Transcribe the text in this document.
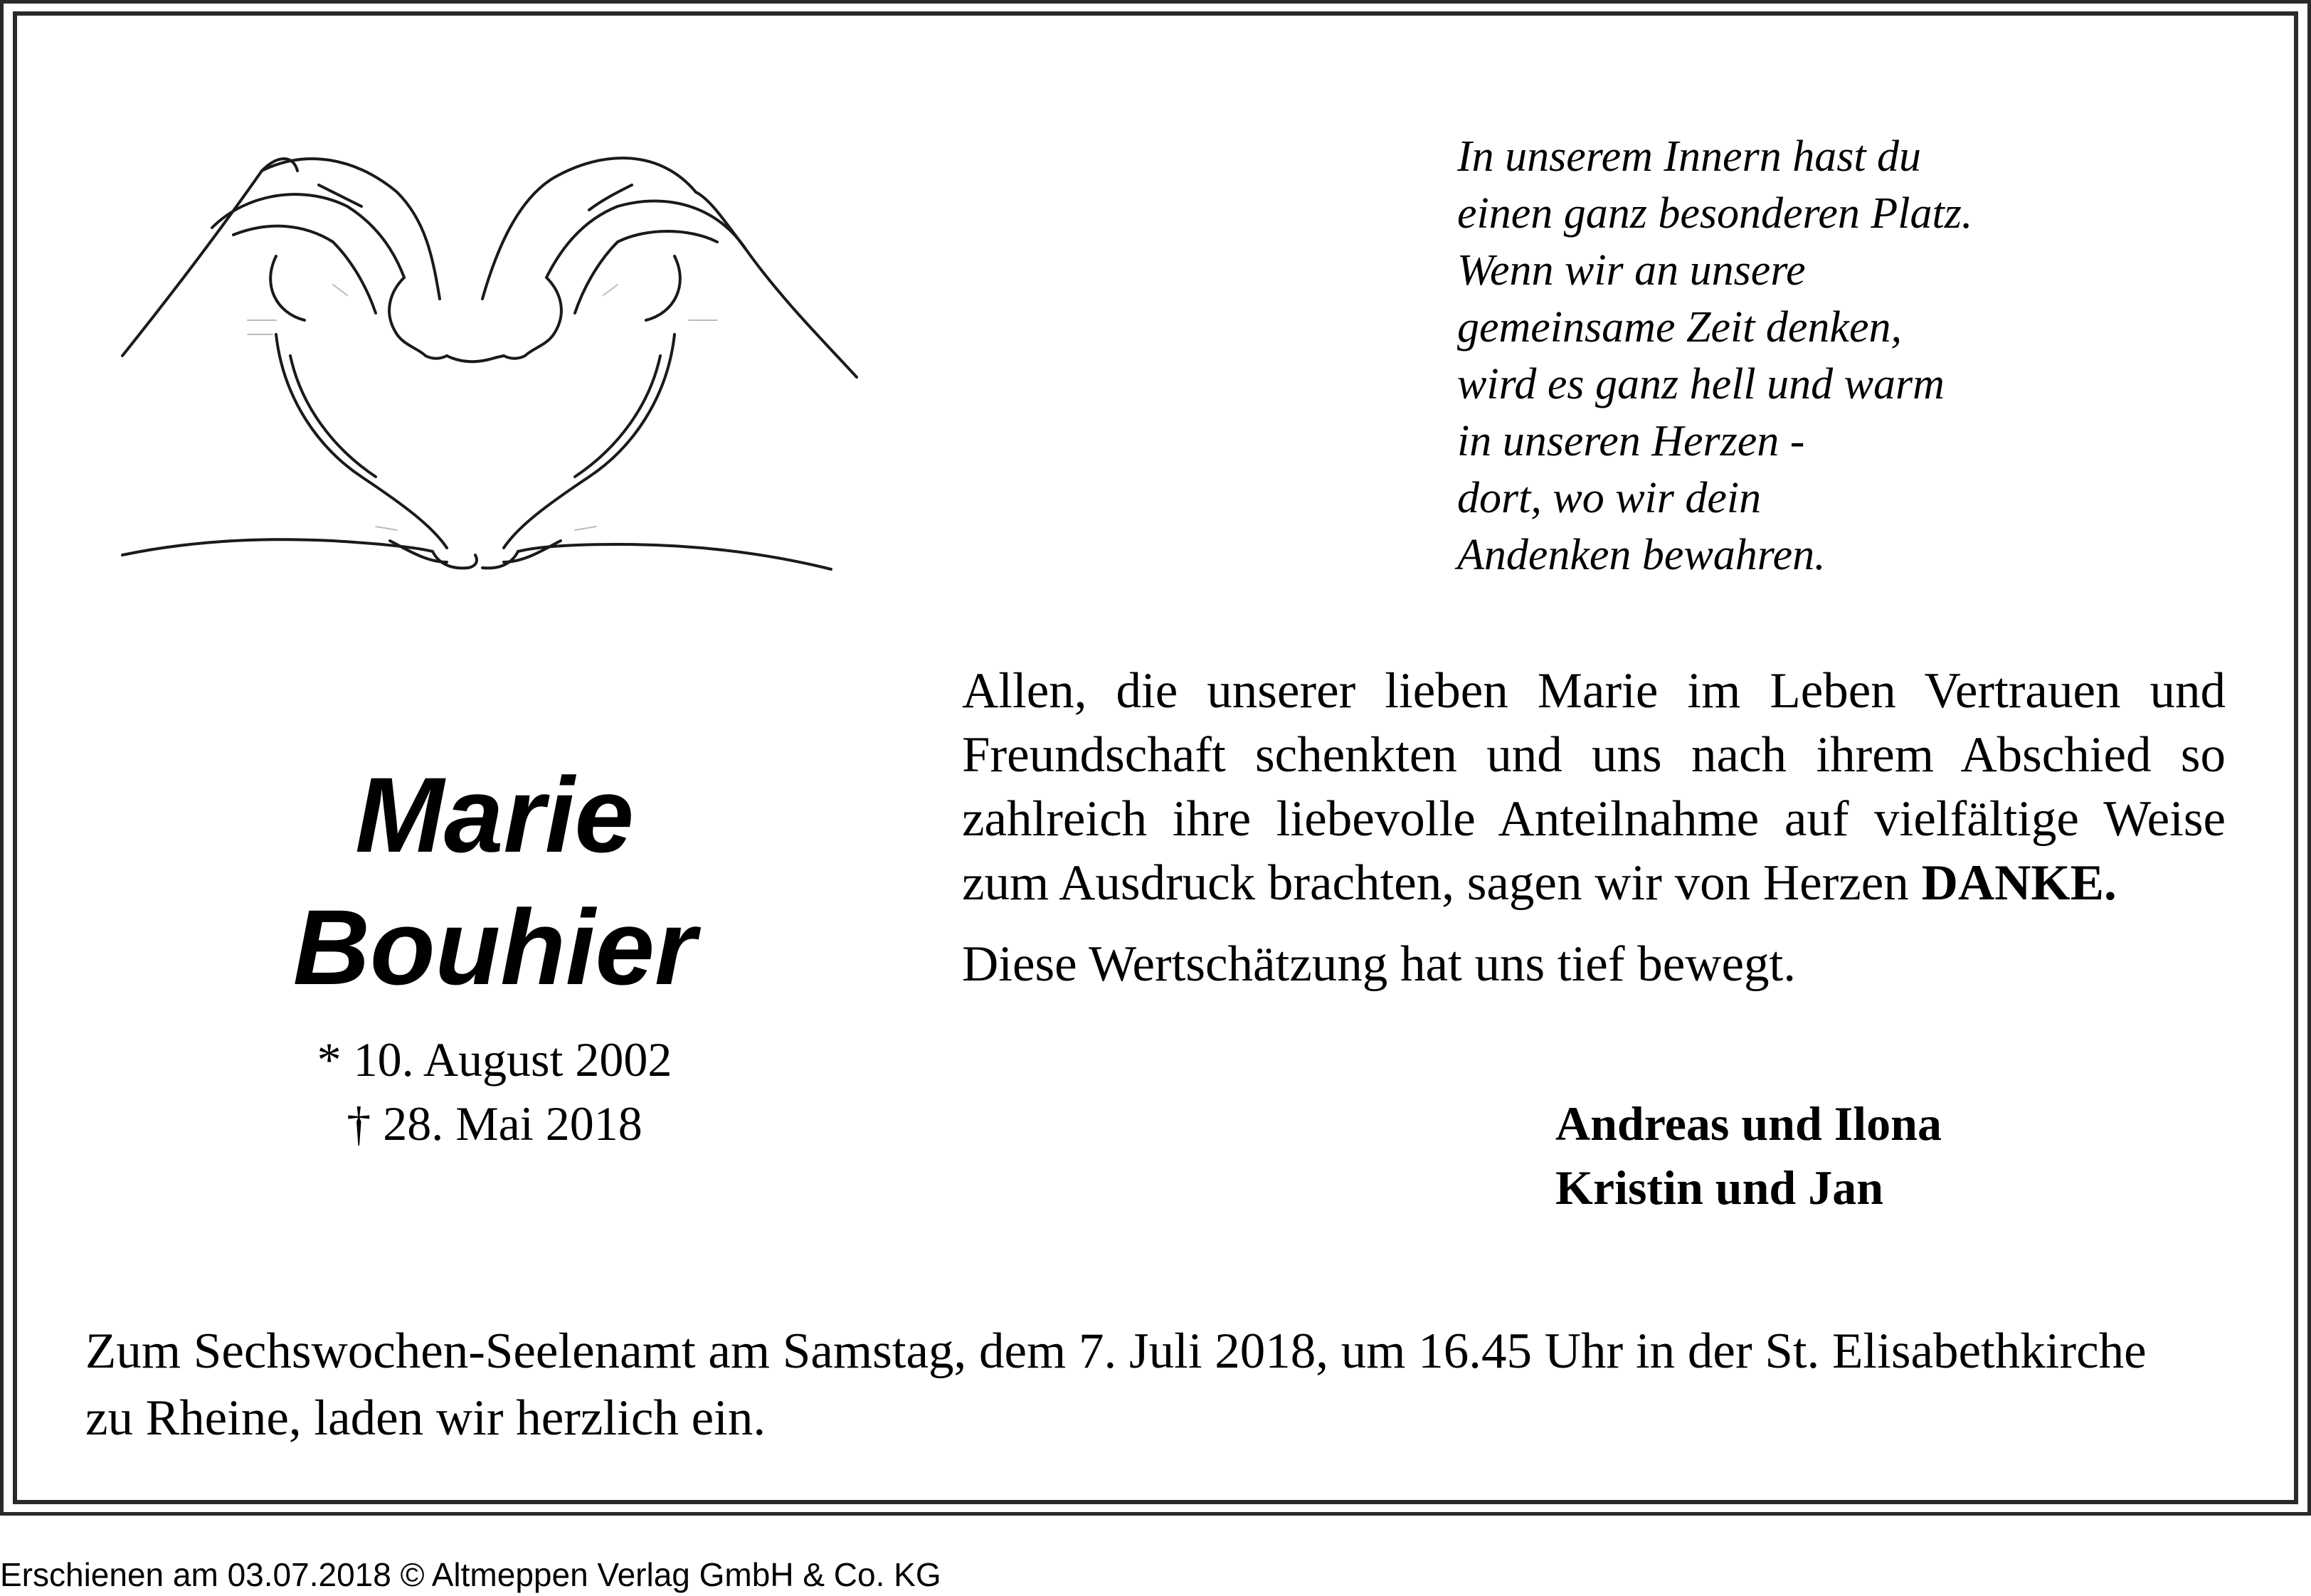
In unserem Innern hast du
einen ganz besonderen Platz.
Wenn wir an unsere
gemeinsame Zeit denken,
wird es ganz hell und warm
in unseren Herzen -
dort, wo wir dein
Andenken bewahren.
Marie
Bouhier
* 10. August 2002
† 28. Mai 2018
Allen, die unserer lieben Marie im Leben Vertrauen und
Freundschaft schenkten und uns nach ihrem Abschied so
zahlreich ihre liebevolle Anteilnahme auf vielfältige Weise
zum Ausdruck brachten, sagen wir von Herzen DANKE.
Diese Wertschätzung hat uns tief bewegt.
Andreas und Ilona
Kristin und Jan
Zum Sechswochen-Seelenamt am Samstag, dem 7. Juli 2018, um 16.45 Uhr in der St. Elisabethkirche
zu Rheine, laden wir herzlich ein.
Erschienen am 03.07.2018 © Altmeppen Verlag GmbH & Co. KG
